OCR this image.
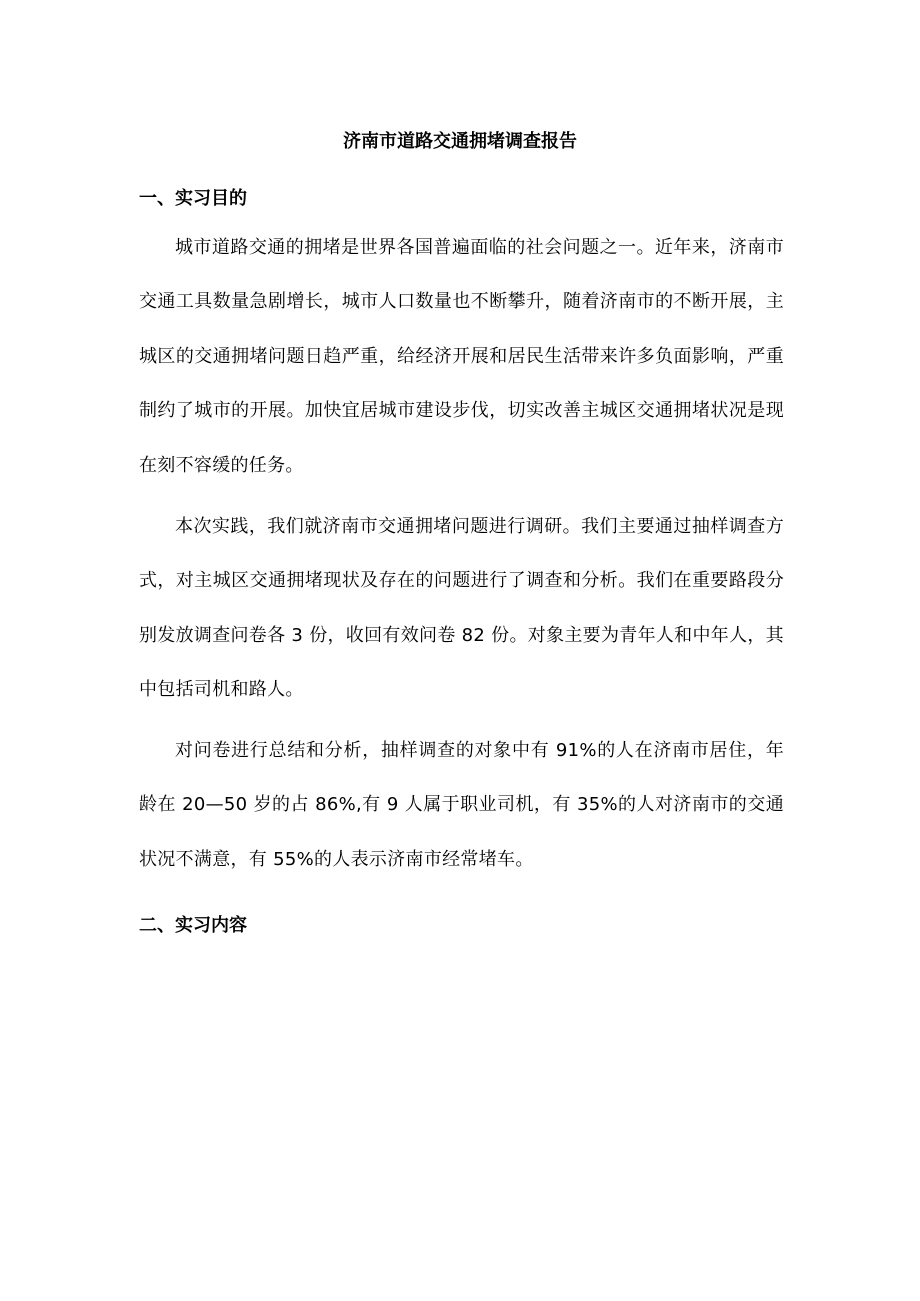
济南市道路交通拥堵调查报告
一、实习目的

城市道路交通的拥堵是世界各国普遍面临的社会问题之一。近年来，济南市交通工具数量急剧增长，城市人口数量也不断攀升，随着济南市的不断开展，主城区的交通拥堵问题日趋严重，给经济开展和居民生活带来许多负面影响，严重制约了城市的开展。加快宜居城市建设步伐，切实改善主城区交通拥堵状况是现在刻不容缓的任务。

本次实践，我们就济南市交通拥堵问题进行调研。我们主要通过抽样调查方式，对主城区交通拥堵现状及存在的问题进行了调查和分析。我们在重要路段分别发放调查问卷各 3 份，收回有效问卷 82 份。对象主要为青年人和中年人，其中包括司机和路人。

对问卷进行总结和分析，抽样调查的对象中有 91%的人在济南市居住，年龄在 20—50 岁的占 86%,有 9 人属于职业司机，有 35%的人对济南市的交通状况不满意，有 55%的人表示济南市经常堵车。

二、实习内容
